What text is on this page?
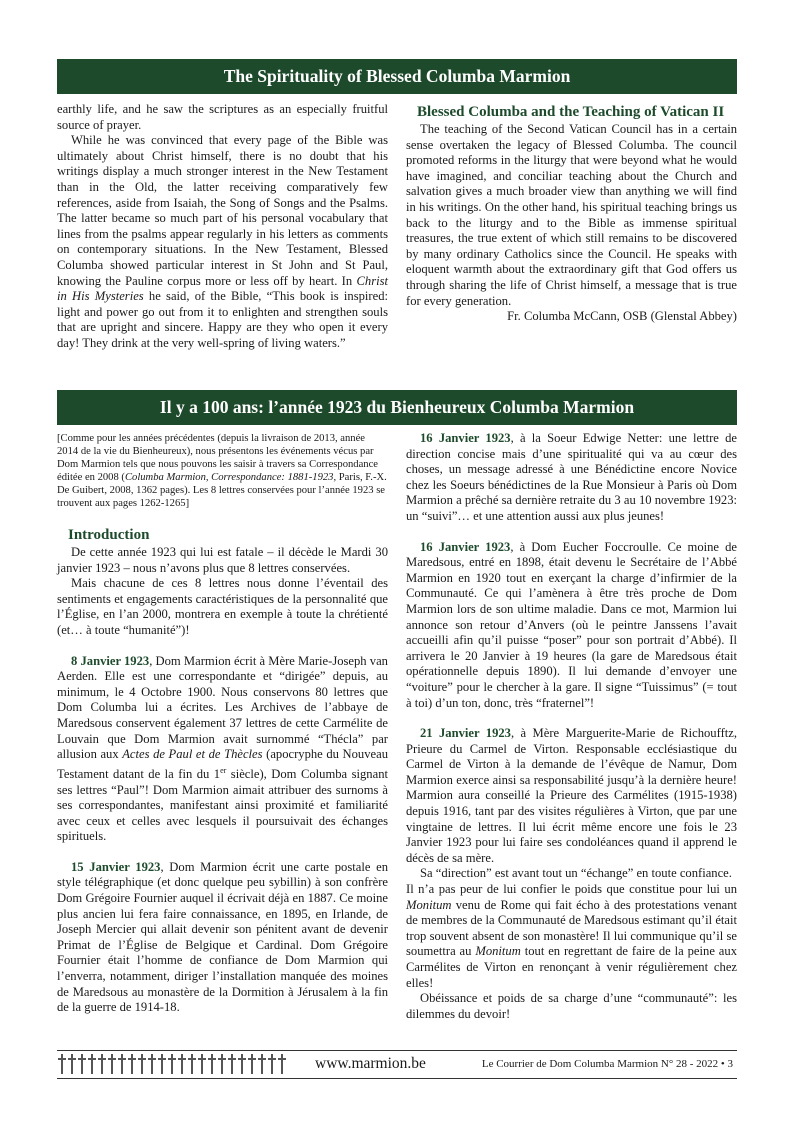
The Spirituality of Blessed Columba Marmion

earthly life, and he saw the scriptures as an especially fruitful source of prayer.

While he was convinced that every page of the Bible was ultimately about Christ himself, there is no doubt that his writings display a much stronger interest in the New Testament than in the Old, the latter receiving comparatively few references, aside from Isaiah, the Song of Songs and the Psalms. The latter became so much part of his personal vocabulary that lines from the psalms appear regularly in his letters as comments on contemporary situations. In the New Testament, Blessed Columba showed particular interest in St John and St Paul, knowing the Pauline corpus more or less off by heart. In Christ in His Mysteries he said, of the Bible, “This book is inspired: light and power go out from it to enlighten and strengthen souls that are upright and sincere. Happy are they who open it every day! They drink at the very well-spring of living waters.”

Blessed Columba and the Teaching of Vatican II

The teaching of the Second Vatican Council has in a certain sense overtaken the legacy of Blessed Columba. The council promoted reforms in the liturgy that were beyond what he would have imagined, and conciliar teaching about the Church and salvation gives a much broader view than anything we will find in his writings. On the other hand, his spiritual teaching brings us back to the liturgy and to the Bible as immense spiritual treasures, the true extent of which still remains to be discovered by many ordinary Catholics since the Council. He speaks with eloquent warmth about the extraordinary gift that God offers us through sharing the life of Christ himself, a message that is true for every generation.

Fr. Columba McCann, OSB (Glenstal Abbey)

Il y a 100 ans: l’année 1923 du Bienheureux Columba Marmion

[Comme pour les années précédentes (depuis la livraison de 2013, année 2014 de la vie du Bienheureux), nous présentons les événements vécus par Dom Marmion tels que nous pouvons les saisir à travers sa Correspondance éditée en 2008 (Columba Marmion, Correspondance: 1881-1923, Paris, F.-X. De Guibert, 2008, 1362 pages). Les 8 lettres conservées pour l’année 1923 se trouvent aux pages 1262-1265]

Introduction

De cette année 1923 qui lui est fatale – il décède le Mardi 30 janvier 1923 – nous n’avons plus que 8 lettres conservées.

Mais chacune de ces 8 lettres nous donne l’éventail des sentiments et engagements caractéristiques de la personnalité que l’Église, en l’an 2000, montrera en exemple à toute la chrétienté (et… à toute “humanité”)!

8 Janvier 1923, Dom Marmion écrit à Mère Marie-Joseph van Aerden. Elle est une correspondante et “dirigée” depuis, au minimum, le 4 Octobre 1900. Nous conservons 80 lettres que Dom Columba lui a écrites. Les Archives de l’abbaye de Maredsous conservent également 37 lettres de cette Carmélite de Louvain que Dom Marmion avait surnommé “Thécla” par allusion aux Actes de Paul et de Thècles (apocryphe du Nouveau Testament datant de la fin du 1er siècle), Dom Columba signant ses lettres “Paul”! Dom Marmion aimait attribuer des surnoms à ses correspondantes, manifestant ainsi proximité et familiarité avec ceux et celles avec lesquels il poursuivait des échanges spirituels.

15 Janvier 1923, Dom Marmion écrit une carte postale en style télégraphique (et donc quelque peu sybillin) à son confrère Dom Grégoire Fournier auquel il écrivait déjà en 1887. Ce moine plus ancien lui fera faire connaissance, en 1895, en Irlande, de Joseph Mercier qui allait devenir son pénitent avant de devenir Primat de l’Église de Belgique et Cardinal. Dom Grégoire Fournier était l’homme de confiance de Dom Marmion qui l’enverra, notamment, diriger l’installation manquée des moines de Maredsous au monastère de la Dormition à Jérusalem à la fin de la guerre de 1914-18.

16 Janvier 1923, à la Soeur Edwige Netter: une lettre de direction concise mais d’une spiritualité qui va au cœur des choses, un message adressé à une Bénédictine encore Novice chez les Soeurs bénédictines de la Rue Monsieur à Paris où Dom Marmion a prêché sa dernière retraite du 3 au 10 novembre 1923: un “suivi”… et une attention aussi aux plus jeunes!

16 Janvier 1923, à Dom Eucher Foccroulle. Ce moine de Maredsous, entré en 1898, était devenu le Secrétaire de l’Abbé Marmion en 1920 tout en exerçant la charge d’infirmier de la Communauté. Ce qui l’amènera à être très proche de Dom Marmion lors de son ultime maladie. Dans ce mot, Marmion lui annonce son retour d’Anvers (où le peintre Janssens l’avait accueilli afin qu’il puisse “poser” pour son portrait d’Abbé). Il arrivera le 20 Janvier à 19 heures (la gare de Maredsous était opérationnelle depuis 1890). Il lui demande d’envoyer une “voiture” pour le chercher à la gare. Il signe “Tuissimus” (= tout à toi) d’un ton, donc, très “fraternel”!

21 Janvier 1923, à Mère Marguerite-Marie de Richoufftz, Prieure du Carmel de Virton. Responsable ecclésiastique du Carmel de Virton à la demande de l’évêque de Namur, Dom Marmion exerce ainsi sa responsabilité jusqu’à la dernière heure! Marmion aura conseillé la Prieure des Carmélites (1915-1938) depuis 1916, tant par des visites régulières à Virton, que par une vingtaine de lettres. Il lui écrit même encore une fois le 23 Janvier 1923 pour lui faire ses condoléances quand il apprend le décès de sa mère.

Sa “direction” est avant tout un “échange” en toute confiance.

Il n’a pas peur de lui confier le poids que constitue pour lui un Monitum venu de Rome qui fait écho à des protestations venant de membres de la Communauté de Maredsous estimant qu’il était trop souvent absent de son monastère! Il lui communique qu’il se soumettra au Monitum tout en regrettant de faire de la peine aux Carmélites de Virton en renonçant à venir régulièrement chez elles!

Obéissance et poids de sa charge d’une “communauté”: les dilemmes du devoir!

www.marmion.be	Le Courrier de Dom Columba Marmion N° 28 - 2022 • 3
